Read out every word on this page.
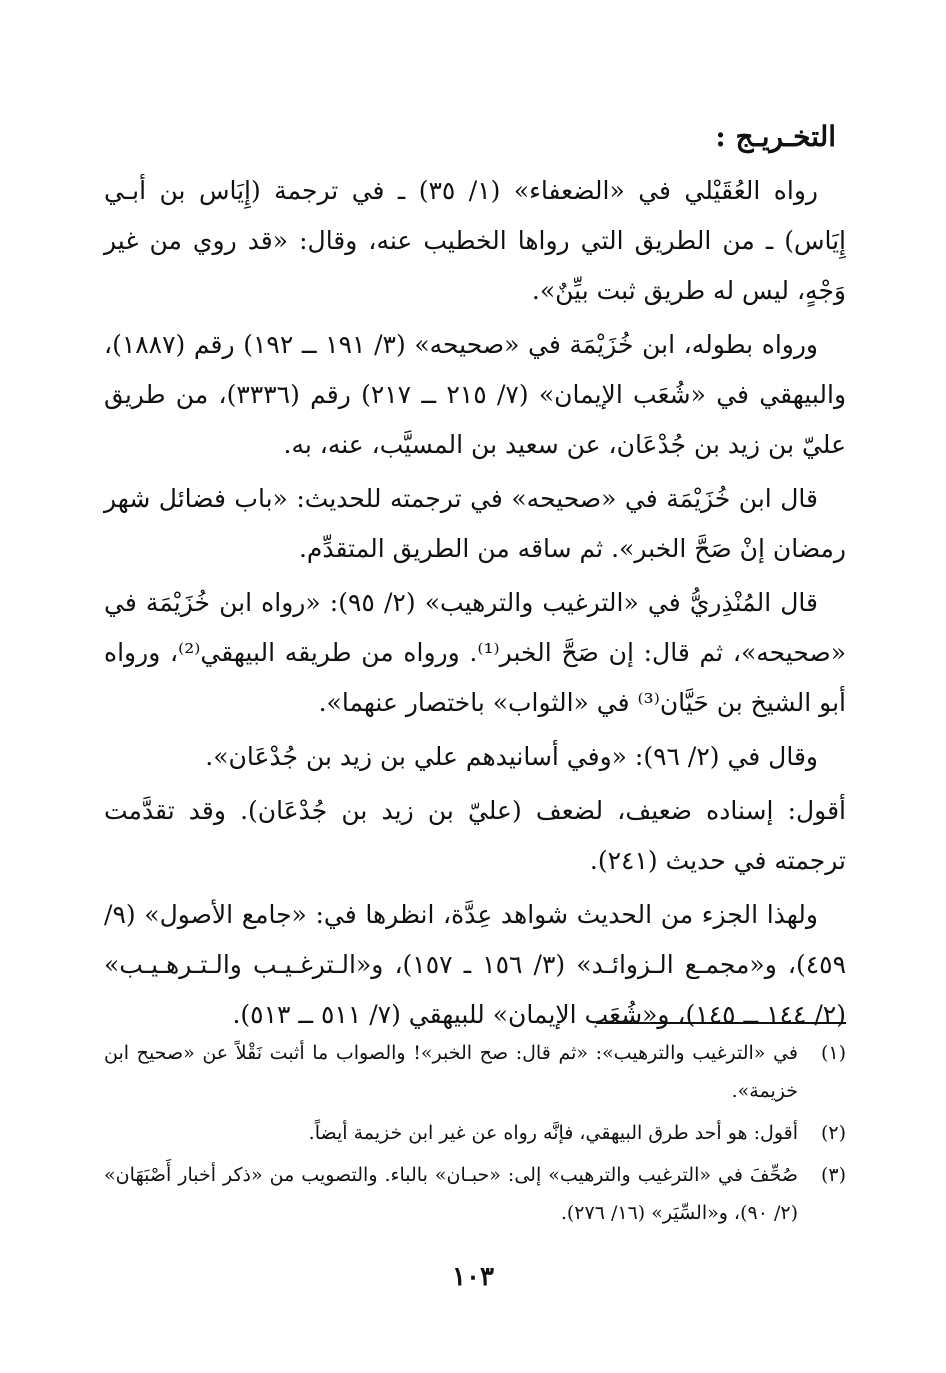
التخـريـج :

رواه العُقَيْلي في «الضعفاء» (١/ ٣٥) ـ في ترجمة (إِيَاس بن أبـي إِيَاس) ـ من الطريق التي رواها الخطيب عنه، وقال: «قد روي من غير وَجْهٍ، ليس له طريق ثبت بيِّنٌ».

ورواه بطوله، ابن خُزَيْمَة في «صحيحه» (٣/ ١٩١ ــ ١٩٢) رقم (١٨٨٧)، والبيهقي في «شُعَب الإيمان» (٧/ ٢١٥ ــ ٢١٧) رقم (٣٣٣٦)، من طريق عليّ بن زيد بن جُدْعَان، عن سعيد بن المسيَّب، عنه، به.

قال ابن خُزَيْمَة في «صحيحه» في ترجمته للحديث: «باب فضائل شهر رمضان إنْ صَحَّ الخبر». ثم ساقه من الطريق المتقدِّم.

قال المُنْذِريُّ في «الترغيب والترهيب» (٢/ ٩٥): «رواه ابن خُزَيْمَة في «صحيحه»، ثم قال: إن صَحَّ الخبر⁽¹⁾. ورواه من طريقه البيهقي⁽²⁾، ورواه أبو الشيخ بن حَيَّان⁽³⁾ في «الثواب» باختصار عنهما».

وقال في (٢/ ٩٦): «وفي أسانيدهم علي بن زيد بن جُدْعَان».

أقول: إسناده ضعيف، لضعف (عليّ بن زيد بن جُدْعَان). وقد تقدَّمت ترجمته في حديث (٢٤١).

ولهذا الجزء من الحديث شواهد عِدَّة، انظرها في: «جامع الأصول» (٩/ ٤٥٩)، و«مجمـع الـزوائـد» (٣/ ١٥٦ ـ ١٥٧)، و«الـترغـيـب والـتـرهـيـب» (٢/ ١٤٤ ــ ١٤٥)، و«شُعَب الإيمان» للبيهقي (٧/ ٥١١ ــ ٥١٣).

(١)
في «الترغيب والترهيب»: «ثم قال: صح الخبر»! والصواب ما أثبت نَقْلاً عن «صحيح ابن خزيمة».
(٢)
أقول: هو أحد طرق البيهقي، فإنَّه رواه عن غير ابن خزيمة أيضاً.
(٣)
صُحِّفَ في «الترغيب والترهيب» إلى: «حبـان» بالباء. والتصويب من «ذكر أخبار أَصْبَهَان» (٢/ ٩٠)، و«السِّيَر» (١٦/ ٢٧٦).
١٠٣
